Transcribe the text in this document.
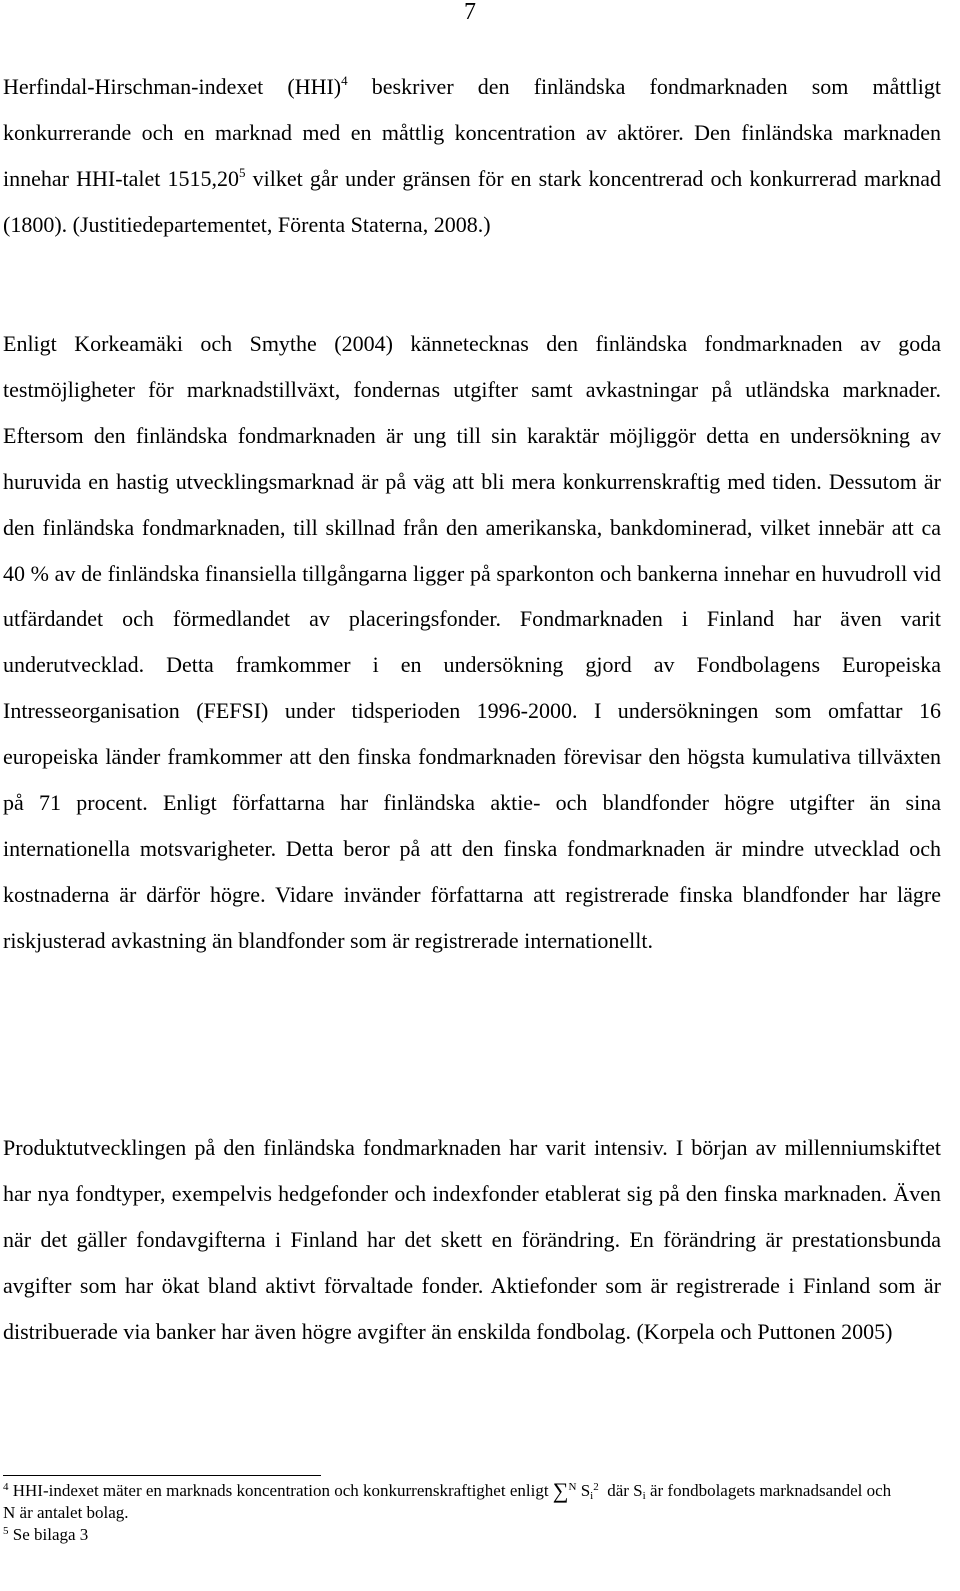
7

Herfindal-Hirschman-indexet (HHI)$^4$ beskriver den finländska fondmarknaden som måttligt konkurrerande och en marknad med en måttlig koncentration av aktörer. Den finländska marknaden innehar HHI-talet 1515,20$^5$ vilket går under gränsen för en stark koncentrerad och konkurrerad marknad (1800). (Justitiedepartementet, Förenta Staterna, 2008.)

Enligt Korkeamäki och Smythe (2004) kännetecknas den finländska fondmarknaden av goda testmöjligheter för marknadstillväxt, fondernas utgifter samt avkastningar på utländska marknader. Eftersom den finländska fondmarknaden är ung till sin karaktär möjliggör detta en undersökning av huruvida en hastig utvecklingsmarknad är på väg att bli mera konkurrenskraftig med tiden. Dessutom är den finländska fondmarknaden, till skillnad från den amerikanska, bankdominerad, vilket innebär att ca 40 % av de finländska finansiella tillgångarna ligger på sparkonton och bankerna innehar en huvudroll vid utfärdandet och förmedlandet av placeringsfonder. Fondmarknaden i Finland har även varit underutvecklad. Detta framkommer i en undersökning gjord av Fondbolagens Europeiska Intresseorganisation (FEFSI) under tidsperioden 1996-2000. I undersökningen som omfattar 16 europeiska länder framkommer att den finska fondmarknaden förevisar den högsta kumulativa tillväxten på 71 procent. Enligt författarna har finländska aktie- och blandfonder högre utgifter än sina internationella motsvarigheter. Detta beror på att den finska fondmarknaden är mindre utvecklad och kostnaderna är därför högre. Vidare invänder författarna att registrerade finska blandfonder har lägre riskjusterad avkastning än blandfonder som är registrerade internationellt.

Produktutvecklingen på den finländska fondmarknaden har varit intensiv. I början av millenniumskiftet har nya fondtyper, exempelvis hedgefonder och indexfonder etablerat sig på den finska marknaden. Även när det gäller fondavgifterna i Finland har det skett en förändring. En förändring är prestationsbunda avgifter som har ökat bland aktivt förvaltade fonder. Aktiefonder som är registrerade i Finland som är distribuerade via banker har även högre avgifter än enskilda fondbolag. (Korpela och Puttonen 2005)

$^4$ HHI-indexet mäter en marknads koncentration och konkurrenskraftighet enligt ∑$^N$ Si$^2$ där Si är fondbolagets marknadsandel och N är antalet bolag.

$^5$ Se bilaga 3
